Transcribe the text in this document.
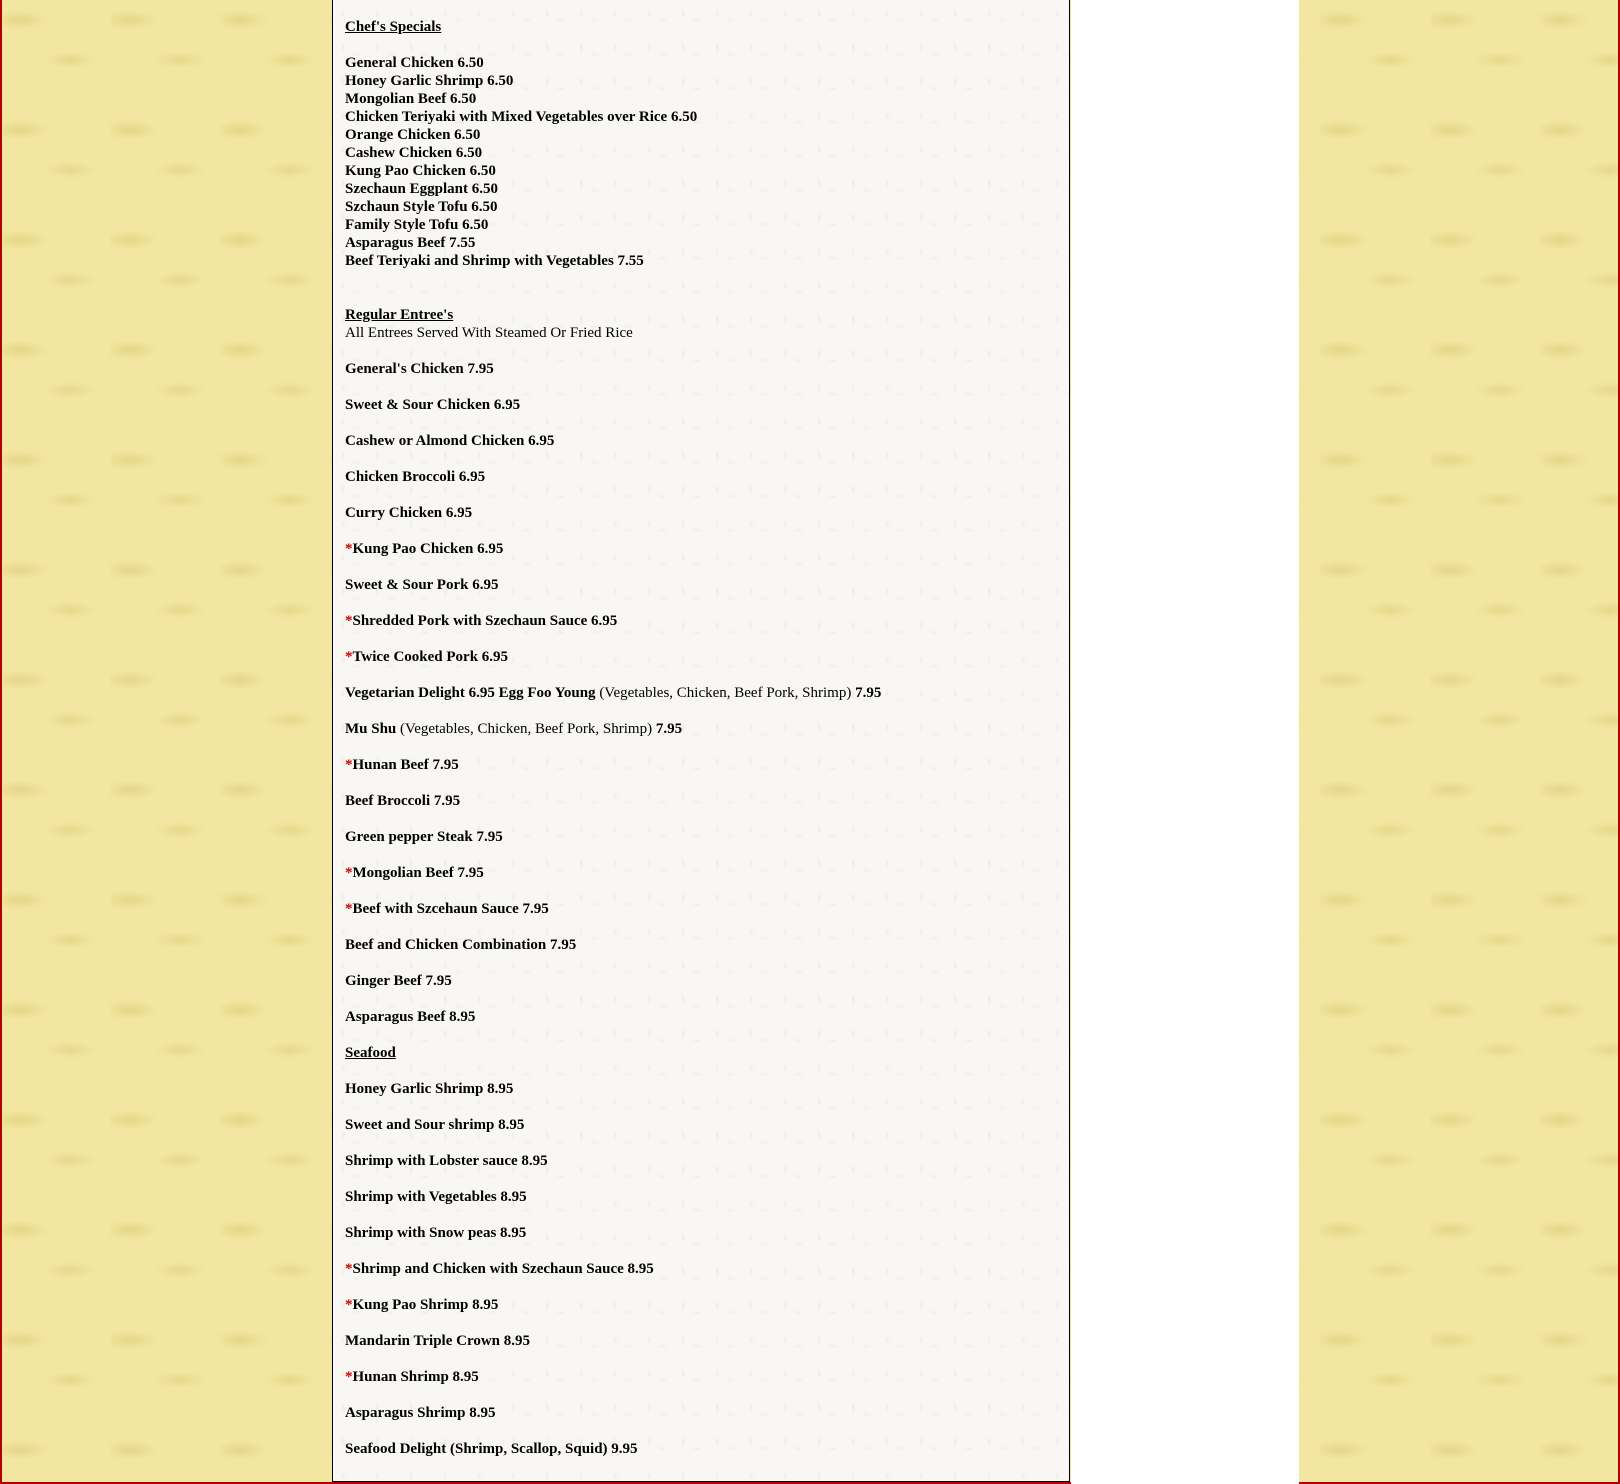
Chef's Specials
General Chicken 6.50
Honey Garlic Shrimp 6.50
Mongolian Beef 6.50
Chicken Teriyaki with Mixed Vegetables over Rice 6.50
Orange Chicken 6.50
Cashew Chicken 6.50
Kung Pao Chicken 6.50
Szechaun Eggplant 6.50
Szchaun Style Tofu 6.50
Family Style Tofu 6.50
Asparagus Beef 7.55
Beef Teriyaki and Shrimp with Vegetables 7.55
Regular Entree's
All Entrees Served With Steamed Or Fried Rice
General's Chicken 7.95
Sweet & Sour Chicken 6.95
Cashew or Almond Chicken 6.95
Chicken Broccoli 6.95
Curry Chicken 6.95
*Kung Pao Chicken 6.95
Sweet & Sour Pork 6.95
*Shredded Pork with Szechaun Sauce 6.95
*Twice Cooked Pork 6.95
Vegetarian Delight 6.95 Egg Foo Young (Vegetables, Chicken, Beef Pork, Shrimp) 7.95
Mu Shu (Vegetables, Chicken, Beef Pork, Shrimp) 7.95
*Hunan Beef 7.95
Beef Broccoli 7.95
Green pepper Steak 7.95
*Mongolian Beef 7.95
*Beef with Szcehaun Sauce 7.95
Beef and Chicken Combination 7.95
Ginger Beef 7.95
Asparagus Beef 8.95
Seafood
Honey Garlic Shrimp 8.95
Sweet and Sour shrimp 8.95
Shrimp with Lobster sauce 8.95
Shrimp with Vegetables 8.95
Shrimp with Snow peas 8.95
*Shrimp and Chicken with Szechaun Sauce 8.95
*Kung Pao Shrimp 8.95
Mandarin Triple Crown 8.95
*Hunan Shrimp 8.95
Asparagus Shrimp 8.95
Seafood Delight (Shrimp, Scallop, Squid) 9.95
